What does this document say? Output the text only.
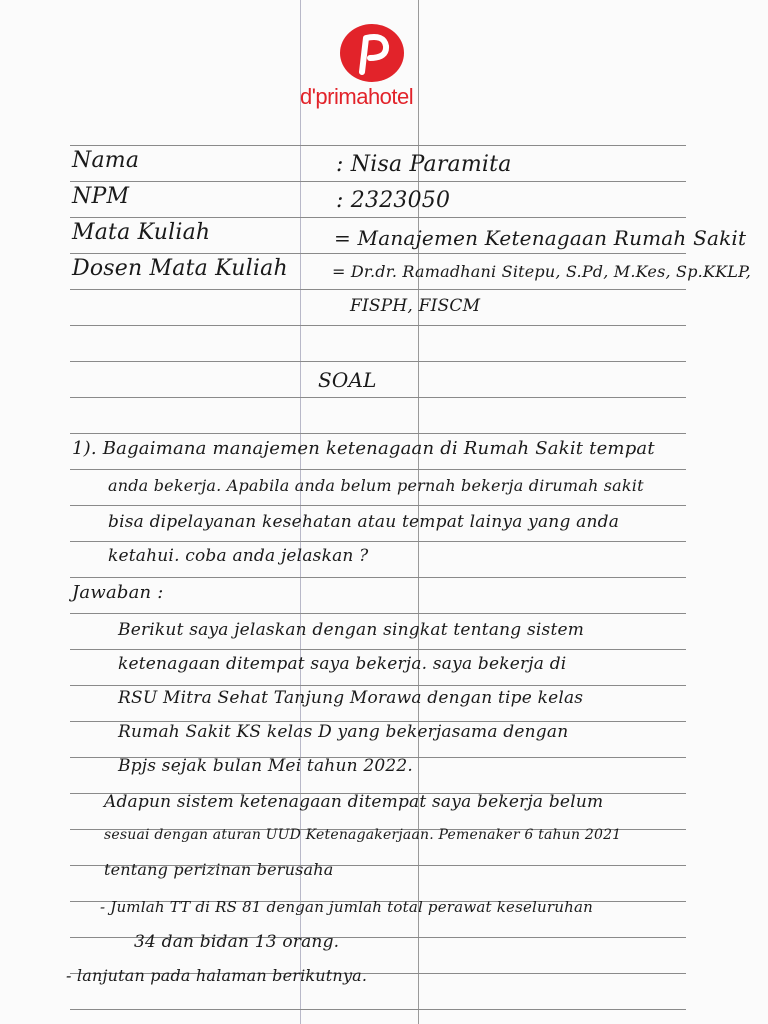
d'primahotel
Nama	: Nisa Paramita
NPM	: 2323050
Mata Kuliah	= Manajemen Ketenagaan Rumah Sakit
Dosen Mata Kuliah	= Dr.dr. Ramadhani Sitepu, S.Pd, M.Kes, Sp.KKLP,
FISPH, FISCM
SOAL
1). Bagaimana manajemen ketenagaan di Rumah Sakit tempat
anda bekerja. Apabila anda belum pernah bekerja dirumah sakit
bisa dipelayanan kesehatan atau tempat lainya yang anda
ketahui. coba anda jelaskan ?
Jawaban :
Berikut saya jelaskan dengan singkat tentang sistem
ketenagaan ditempat saya bekerja. saya bekerja di
RSU Mitra Sehat Tanjung Morawa dengan tipe kelas
Rumah Sakit KS kelas D yang bekerjasama dengan
Bpjs sejak bulan Mei tahun 2022.
Adapun sistem ketenagaan ditempat saya bekerja belum
sesuai dengan aturan UUD Ketenagakerjaan. Pemenaker 6 tahun 2021
tentang perizinan berusaha
- Jumlah TT di RS 81 dengan jumlah total perawat keseluruhan
34 dan bidan 13 orang.
- lanjutan pada halaman berikutnya.
